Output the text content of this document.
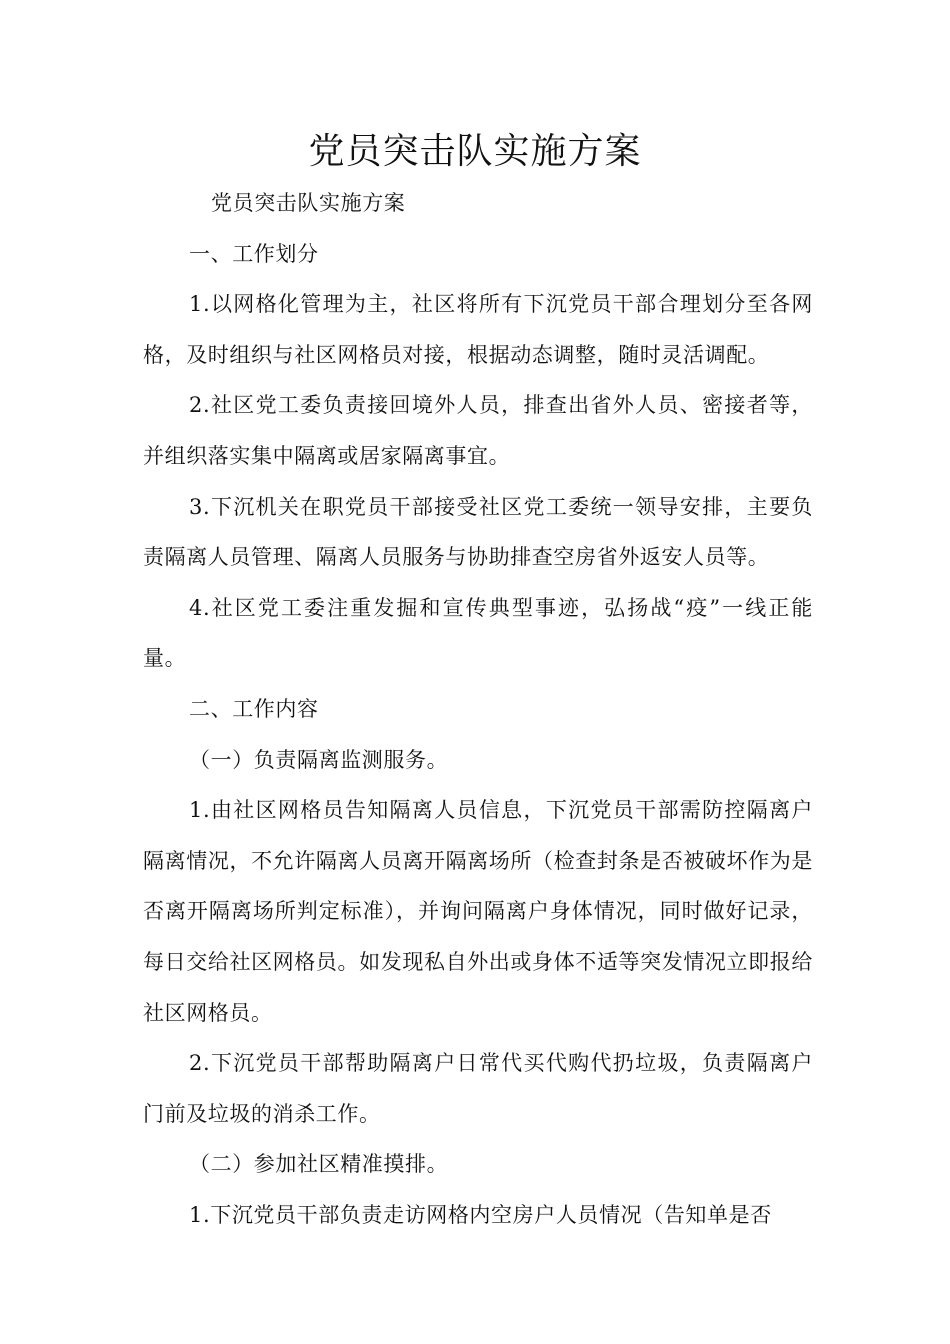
党员突击队实施方案

党员突击队实施方案

一、工作划分

1.以网格化管理为主，社区将所有下沉党员干部合理划分至各网格，及时组织与社区网格员对接，根据动态调整，随时灵活调配。

2.社区党工委负责接回境外人员，排查出省外人员、密接者等，并组织落实集中隔离或居家隔离事宜。

3.下沉机关在职党员干部接受社区党工委统一领导安排，主要负责隔离人员管理、隔离人员服务与协助排查空房省外返安人员等。

4.社区党工委注重发掘和宣传典型事迹，弘扬战“疫”一线正能量。

二、工作内容

（一）负责隔离监测服务。

1.由社区网格员告知隔离人员信息，下沉党员干部需防控隔离户隔离情况，不允许隔离人员离开隔离场所（检查封条是否被破坏作为是否离开隔离场所判定标准），并询问隔离户身体情况，同时做好记录，每日交给社区网格员。如发现私自外出或身体不适等突发情况立即报给社区网格员。

2.下沉党员干部帮助隔离户日常代买代购代扔垃圾，负责隔离户门前及垃圾的消杀工作。

（二）参加社区精准摸排。

1.下沉党员干部负责走访网格内空房户人员情况（告知单是否
